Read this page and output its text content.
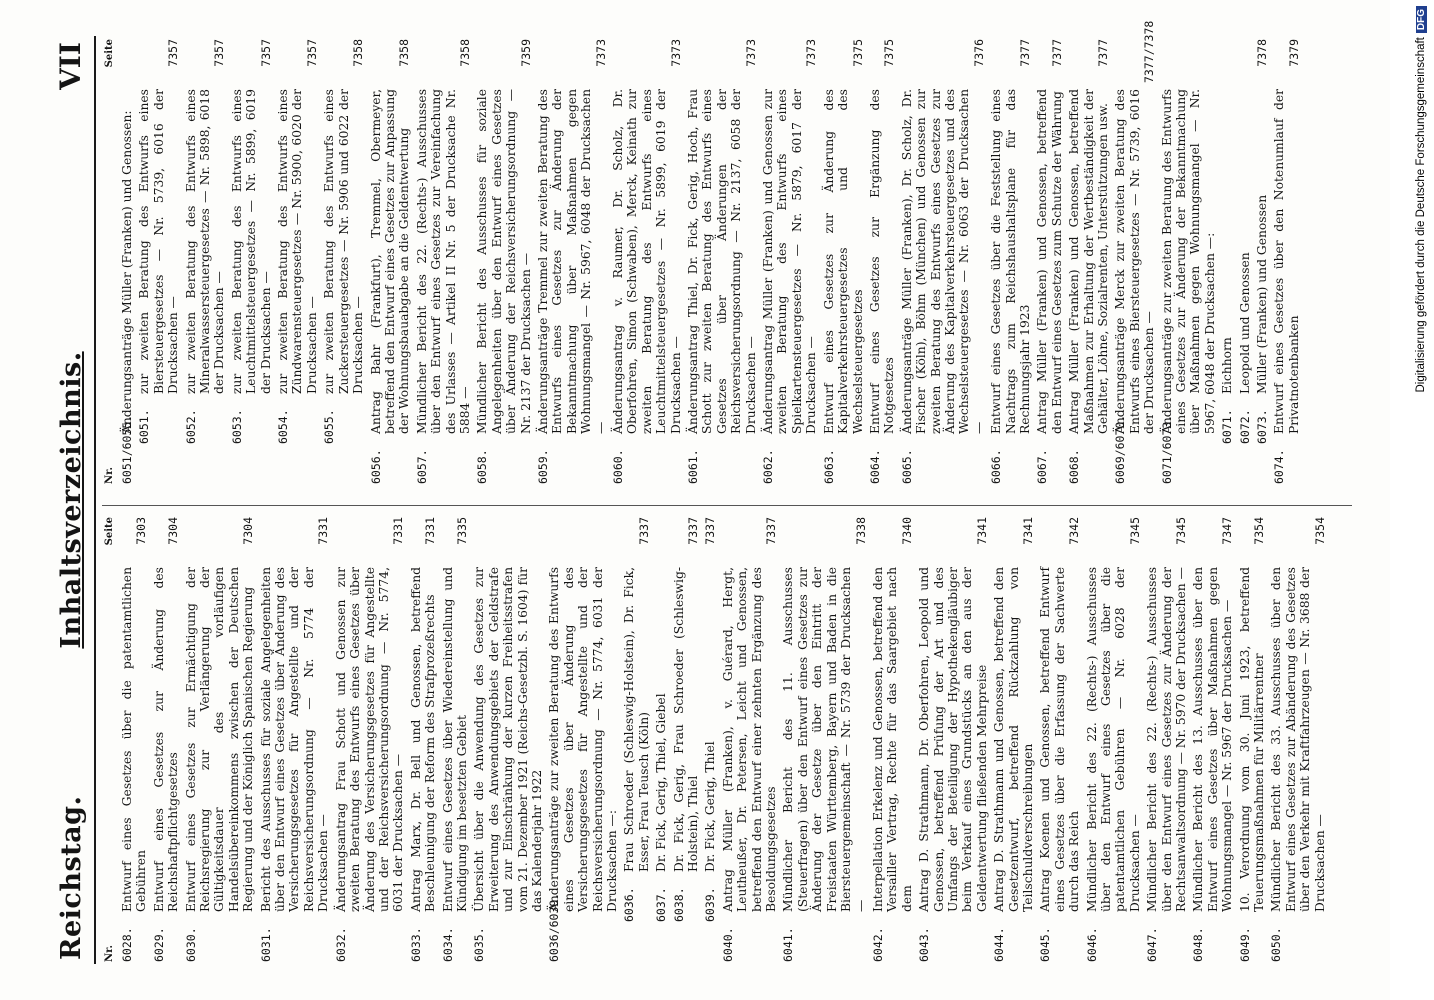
Reichstag.
Inhaltsverzeichnis.
VII
Nr.
Seite
6028.
Entwurf eines Gesetzes über die patentamtlichen Gebühren
7303
6029.
Entwurf eines Gesetzes zur Änderung des Reichshaftpflichtgesetzes
7304
6030.
Entwurf eines Gesetzes zur Ermächtigung der Reichsregierung zur Verlängerung der Gültigkeitsdauer des vorläufigen Handelsübereinkommens zwischen der Deutschen Regierung und der Königlich Spanischen Regierung
7304
6031.
Bericht des Ausschusses für soziale Angelegenheiten über den Entwurf eines Gesetzes über Änderung des Versicherungsgesetzes für Angestellte und der Reichsversicherungsordnung — Nr. 5774 der Drucksachen —
7331
6032.
Änderungsantrag Frau Schott und Genossen zur zweiten Beratung des Entwurfs eines Gesetzes über Änderung des Versicherungsgesetzes für Angestellte und der Reichsversicherungsordnung — Nr. 5774, 6031 der Drucksachen —
7331
6033.
Antrag Marx, Dr. Bell und Genossen, betreffend Beschleunigung der Reform des Strafprozeßrechts
7331
6034.
Entwurf eines Gesetzes über Wiedereinstellung und Kündigung im besetzten Gebiet
7335
6035.
Übersicht über die Anwendung des Gesetzes zur Erweiterung des Anwendungsgebiets der Geldstrafe und zur Einschränkung der kurzen Freiheitsstrafen vom 21. Dezember 1921 (Reichs-Gesetzbl. S. 1604) für das Kalenderjahr 1922
6036/6039.
Änderungsanträge zur zweiten Beratung des Entwurfs eines Gesetzes über Änderung des Versicherungsgesetzes für Angestellte und der Reichsversicherungsordnung — Nr. 5774, 6031 der Drucksachen —: 6036.
Frau Schroeder (Schleswig-Holstein), Dr. Fick, Esser, Frau Teusch (Köln)
7337
6037.
Dr. Fick, Gerig, Thiel, Giebel
6038.
Dr. Fick, Gerig, Frau Schroeder (Schleswig-Holstein), Thiel
7337
6039.
Dr. Fick, Gerig, Thiel
7337
6040.
Antrag Müller (Franken), v. Guérard, Hergt, Leutheußer, Dr. Petersen, Leicht und Genossen, betreffend den Entwurf einer zehnten Ergänzung des Besoldungsgesetzes
7337
6041.
Mündlicher Bericht des 11. Ausschusses (Steuerfragen) über den Entwurf eines Gesetzes zur Änderung der Gesetze über den Eintritt der Freistaaten Württemberg, Bayern und Baden in die Biersteuergemeinschaft — Nr. 5739 der Drucksachen —
7338
6042.
Interpellation Erkelenz und Genossen, betreffend den Versailler Vertrag, Rechte für das Saargebiet nach dem
7340
6043.
Antrag D. Strathmann, Dr. Oberfohren, Leopold und Genossen, betreffend Prüfung der Art und des Umfangs der Beteiligung der Hypothekengläubiger beim Verkauf eines Grundstücks an den aus der Geldentwertung fließenden Mehrpreise
7341
6044.
Antrag D. Strathmann und Genossen, betreffend den Gesetzentwurf, betreffend Rückzahlung von Teilschuldverschreibungen
7341
6045.
Antrag Koenen und Genossen, betreffend Entwurf eines Gesetzes über die Erfassung der Sachwerte durch das Reich
7342
6046.
Mündlicher Bericht des 22. (Rechts-) Ausschusses über den Entwurf eines Gesetzes über die patentamtlichen Gebühren — Nr. 6028 der Drucksachen —
7345
6047.
Mündlicher Bericht des 22. (Rechts-) Ausschusses über den Entwurf eines Gesetzes zur Änderung der Rechtsanwaltsordnung — Nr. 5970 der Drucksachen —
7345
6048.
Mündlicher Bericht des 13. Ausschusses über den Entwurf eines Gesetzes über Maßnahmen gegen Wohnungsmangel — Nr. 5967 der Drucksachen —
7347
6049.
10. Verordnung vom 30. Juni 1923, betreffend Teuerungsmaßnahmen für Militärrentner
7354
6050.
Mündlicher Bericht des 33. Ausschusses über den Entwurf eines Gesetzes zur Abänderung des Gesetzes über den Verkehr mit Kraftfahrzeugen — Nr. 3688 der Drucksachen —
7354
Nr.
Seite
6051/6055.
Änderungsanträge Müller (Franken) und Genossen: 6051.
zur zweiten Beratung des Entwurfs eines Biersteuergesetzes — Nr. 5739, 6016 der Drucksachen —
7357
6052.
zur zweiten Beratung des Entwurfs eines Mineralwassersteuergesetzes — Nr. 5898, 6018 der Drucksachen —
7357
6053.
zur zweiten Beratung des Entwurfs eines Leuchtmittelsteuergesetzes — Nr. 5899, 6019 der Drucksachen —
7357
6054.
zur zweiten Beratung des Entwurfs eines Zündwarensteuergesetzes — Nr. 5900, 6020 der Drucksachen —
7357
6055.
zur zweiten Beratung des Entwurfs eines Zuckersteuergesetzes — Nr. 5906 und 6022 der Drucksachen —
7358
6056.
Antrag Bahr (Frankfurt), Tremmel, Obermeyer, betreffend den Entwurf eines Gesetzes zur Anpassung der Wohnungsbauabgabe an die Geldentwertung
7358
6057.
Mündlicher Bericht des 22. (Rechts-) Ausschusses über den Entwurf eines Gesetzes zur Vereinfachung des Urlasses — Artikel II Nr. 5 der Drucksache Nr. 5884 —
7358
6058.
Mündlicher Bericht des Ausschusses für soziale Angelegenheiten über den Entwurf eines Gesetzes über Änderung der Reichsversicherungsordnung — Nr. 2137 der Drucksachen —
7359
6059.
Änderungsanträge Tremmel zur zweiten Beratung des Entwurfs eines Gesetzes zur Änderung der Bekanntmachung über Maßnahmen gegen Wohnungsmangel — Nr. 5967, 6048 der Drucksachen —
7373
6060.
Änderungsantrag v. Raumer, Dr. Scholz, Dr. Oberfohren, Simon (Schwaben), Merck, Keinath zur zweiten Beratung des Entwurfs eines Leuchtmittelsteuergesetzes — Nr. 5899, 6019 der Drucksachen —
7373
6061.
Änderungsantrag Thiel, Dr. Fick, Gerig, Hoch, Frau Schott zur zweiten Beratung des Entwurfs eines Gesetzes über Änderungen der Reichsversicherungsordnung — Nr. 2137, 6058 der Drucksachen —
7373
6062.
Änderungsantrag Müller (Franken) und Genossen zur zweiten Beratung des Entwurfs eines Spielkartensteuergesetzes — Nr. 5879, 6017 der Drucksachen —
7373
6063.
Entwurf eines Gesetzes zur Änderung des Kapitalverkehrsteuergesetzes und des Wechselsteuergesetzes
7375
6064.
Entwurf eines Gesetzes zur Ergänzung des Notgesetzes
7375
6065.
Änderungsanträge Müller (Franken), Dr. Scholz, Dr. Fischer (Köln), Böhm (München) und Genossen zur zweiten Beratung des Entwurfs eines Gesetzes zur Änderung des Kapitalverkehrsteuergesetzes und des Wechselsteuergesetzes — Nr. 6063 der Drucksachen —
7376
6066.
Entwurf eines Gesetzes über die Feststellung eines Nachtrags zum Reichshaushaltsplane für das Rechnungsjahr 1923
7377
6067.
Antrag Müller (Franken) und Genossen, betreffend den Entwurf eines Gesetzes zum Schutze der Währung
7377
6068.
Antrag Müller (Franken) und Genossen, betreffend Maßnahmen zur Erhaltung der Wertbeständigkeit der Gehälter, Löhne, Sozialrenten, Unterstützungen usw.
7377
6069/6070.
Änderungsanträge Merck zur zweiten Beratung des Entwurfs eines Biersteuergesetzes — Nr. 5739, 6016 der Drucksachen —
7377/7378
6071/6073.
Änderungsanträge zur zweiten Beratung des Entwurfs eines Gesetzes zur Änderung der Bekanntmachung über Maßnahmen gegen Wohnungsmangel — Nr. 5967, 6048 der Drucksachen —: 6071.
Eichhorn
6072.
Leopold und Genossen
6073.
Müller (Franken) und Genossen
7378
6074.
Entwurf eines Gesetzes über den Notenumlauf der Privatnotenbanken
7379	Digitalisierung gefördert durch die Deutsche Forschungsgemeinschaft
DFG
